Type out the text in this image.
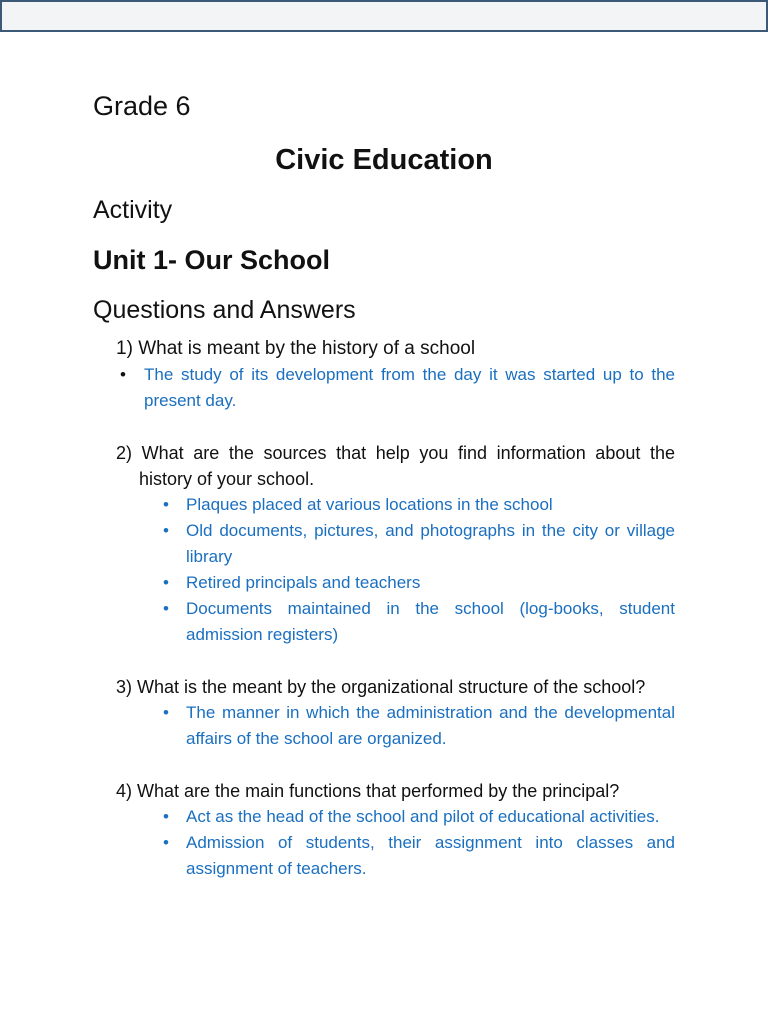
Grade 6
Civic Education
Activity
Unit 1- Our School
Questions and Answers
1) What is meant by the history of a school
• The study of its development from the day it was started up to the present day.
2) What are the sources that help you find information about the history of your school.
• Plaques placed at various locations in the school
• Old documents, pictures, and photographs in the city or village library
• Retired principals and teachers
• Documents maintained in the school (log-books, student admission registers)
3) What is the meant by the organizational structure of the school?
• The manner in which the administration and the developmental affairs of the school are organized.
4) What are the main functions that performed by the principal?
• Act as the head of the school and pilot of educational activities.
• Admission of students, their assignment into classes and assignment of teachers.
